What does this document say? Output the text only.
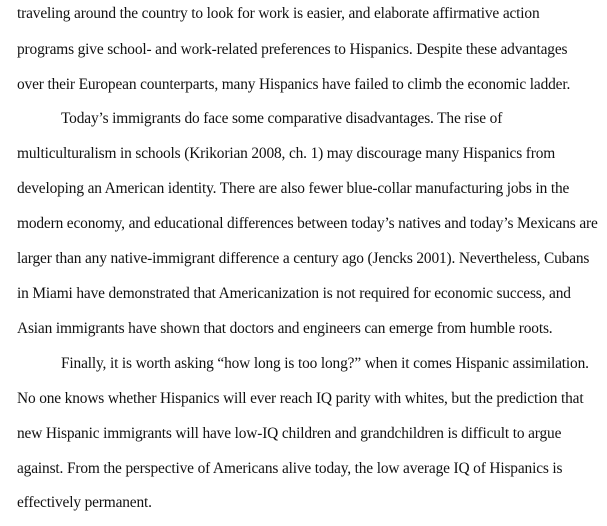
traveling around the country to look for work is easier, and elaborate affirmative action
programs give school- and work-related preferences to Hispanics. Despite these advantages
over their European counterparts, many Hispanics have failed to climb the economic ladder.
Today’s immigrants do face some comparative disadvantages. The rise of
multiculturalism in schools (Krikorian 2008, ch. 1) may discourage many Hispanics from
developing an American identity. There are also fewer blue-collar manufacturing jobs in the
modern economy, and educational differences between today’s natives and today’s Mexicans are
larger than any native-immigrant difference a century ago (Jencks 2001). Nevertheless, Cubans
in Miami have demonstrated that Americanization is not required for economic success, and
Asian immigrants have shown that doctors and engineers can emerge from humble roots.
Finally, it is worth asking “how long is too long?” when it comes Hispanic assimilation.
No one knows whether Hispanics will ever reach IQ parity with whites, but the prediction that
new Hispanic immigrants will have low-IQ children and grandchildren is difficult to argue
against. From the perspective of Americans alive today, the low average IQ of Hispanics is
effectively permanent.
